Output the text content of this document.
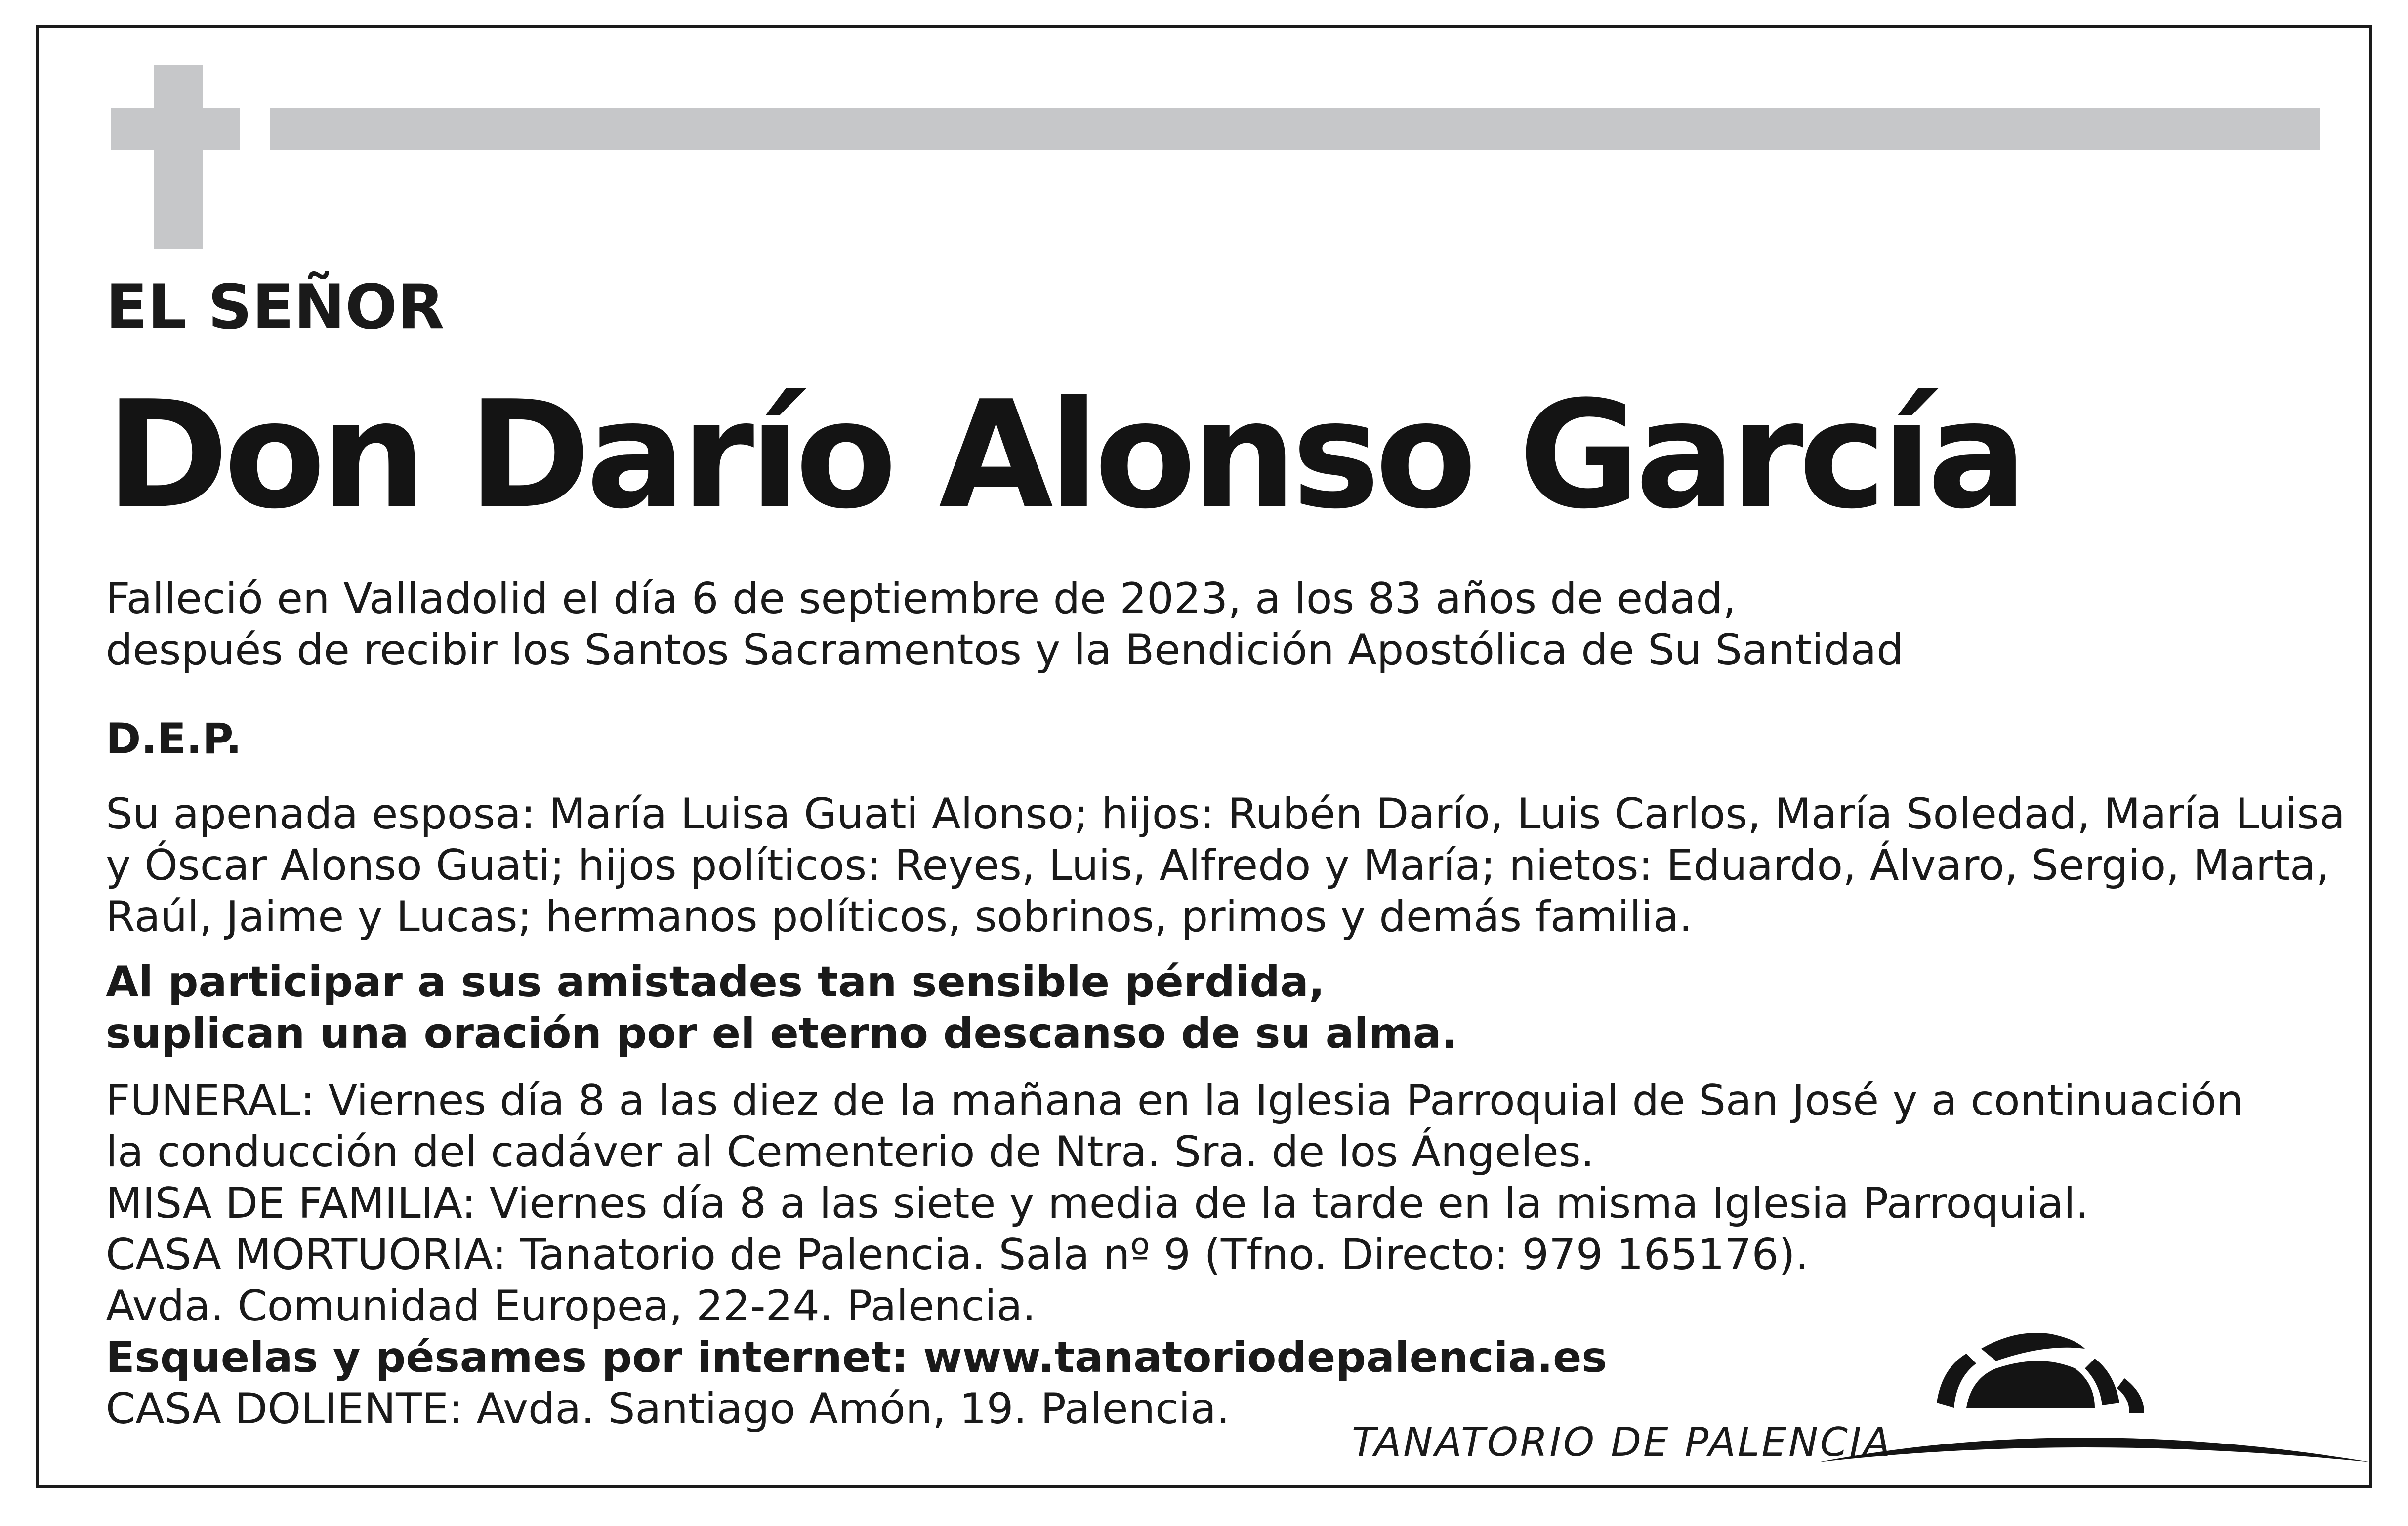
EL SEÑOR
Don Darío Alonso García
Falleció en Valladolid el día 6 de septiembre de 2023, a los 83 años de edad,
después de recibir los Santos Sacramentos y la Bendición Apostólica de Su Santidad
D.E.P.
Su apenada esposa: María Luisa Guati Alonso; hijos: Rubén Darío, Luis Carlos, María Soledad, María Luisa
y Óscar Alonso Guati; hijos políticos: Reyes, Luis, Alfredo y María; nietos: Eduardo, Álvaro, Sergio, Marta,
Raúl, Jaime y Lucas; hermanos políticos, sobrinos, primos y demás familia.
Al participar a sus amistades tan sensible pérdida,
suplican una oración por el eterno descanso de su alma.
FUNERAL: Viernes día 8 a las diez de la mañana en la Iglesia Parroquial de San José y a continuación
la conducción del cadáver al Cementerio de Ntra. Sra. de los Ángeles.
MISA DE FAMILIA: Viernes día 8 a las siete y media de la tarde en la misma Iglesia Parroquial.
CASA MORTUORIA: Tanatorio de Palencia. Sala nº 9 (Tfno. Directo: 979 165176).
Avda. Comunidad Europea, 22-24. Palencia.
Esquelas y pésames por internet: www.tanatoriodepalencia.es
CASA DOLIENTE: Avda. Santiago Amón, 19. Palencia.
TANATORIO DE PALENCIA
